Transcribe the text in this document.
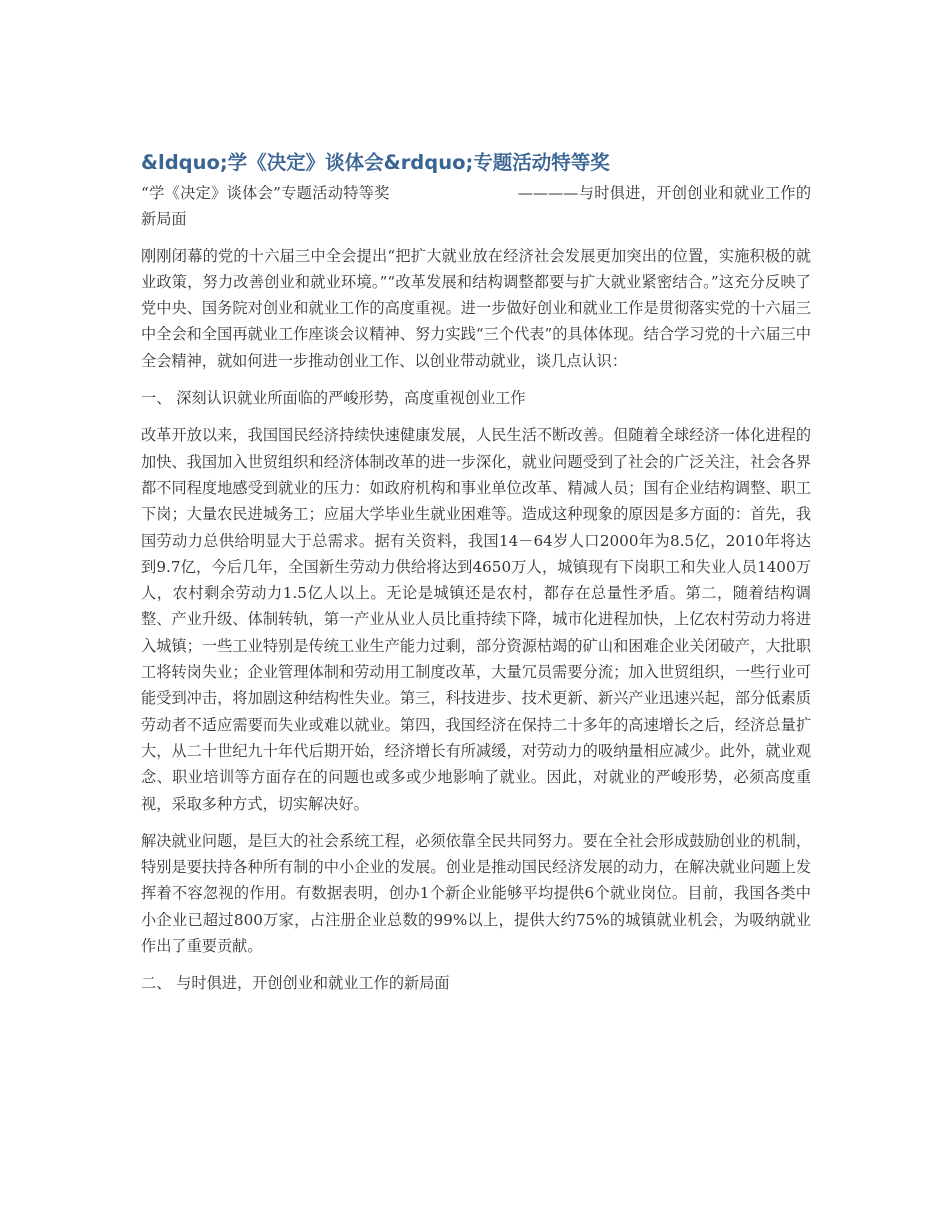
&ldquo;学《决定》谈体会&rdquo;专题活动特等奖

“学《决定》谈体会”专题活动特等奖	————与时俱进，开创创业和就业工作的新局面

刚刚闭幕的党的十六届三中全会提出“把扩大就业放在经济社会发展更加突出的位置，实施积极的就业政策，努力改善创业和就业环境。”“改革发展和结构调整都要与扩大就业紧密结合。”这充分反映了党中央、国务院对创业和就业工作的高度重视。进一步做好创业和就业工作是贯彻落实党的十六届三中全会和全国再就业工作座谈会议精神、努力实践“三个代表”的具体体现。结合学习党的十六届三中全会精神，就如何进一步推动创业工作、以创业带动就业，谈几点认识：

一、 深刻认识就业所面临的严峻形势，高度重视创业工作

改革开放以来，我国国民经济持续快速健康发展，人民生活不断改善。但随着全球经济一体化进程的加快、我国加入世贸组织和经济体制改革的进一步深化，就业问题受到了社会的广泛关注，社会各界都不同程度地感受到就业的压力：如政府机构和事业单位改革、精减人员；国有企业结构调整、职工下岗；大量农民进城务工；应届大学毕业生就业困难等。造成这种现象的原因是多方面的：首先，我国劳动力总供给明显大于总需求。据有关资料，我国14－64岁人口2000年为8.5亿，2010年将达到9.7亿，今后几年，全国新生劳动力供给将达到4650万人，城镇现有下岗职工和失业人员1400万人，农村剩余劳动力1.5亿人以上。无论是城镇还是农村，都存在总量性矛盾。第二，随着结构调整、产业升级、体制转轨，第一产业从业人员比重持续下降，城市化进程加快，上亿农村劳动力将进入城镇；一些工业特别是传统工业生产能力过剩，部分资源枯竭的矿山和困难企业关闭破产，大批职工将转岗失业；企业管理体制和劳动用工制度改革，大量冗员需要分流；加入世贸组织，一些行业可能受到冲击，将加剧这种结构性失业。第三，科技进步、技术更新、新兴产业迅速兴起，部分低素质劳动者不适应需要而失业或难以就业。第四，我国经济在保持二十多年的高速增长之后，经济总量扩大，从二十世纪九十年代后期开始，经济增长有所减缓，对劳动力的吸纳量相应减少。此外，就业观念、职业培训等方面存在的问题也或多或少地影响了就业。因此，对就业的严峻形势，必须高度重视，采取多种方式，切实解决好。

解决就业问题，是巨大的社会系统工程，必须依靠全民共同努力。要在全社会形成鼓励创业的机制，特别是要扶持各种所有制的中小企业的发展。创业是推动国民经济发展的动力，在解决就业问题上发挥着不容忽视的作用。有数据表明，创办1个新企业能够平均提供6个就业岗位。目前，我国各类中小企业已超过800万家，占注册企业总数的99%以上，提供大约75%的城镇就业机会，为吸纳就业作出了重要贡献。

二、 与时俱进，开创创业和就业工作的新局面
